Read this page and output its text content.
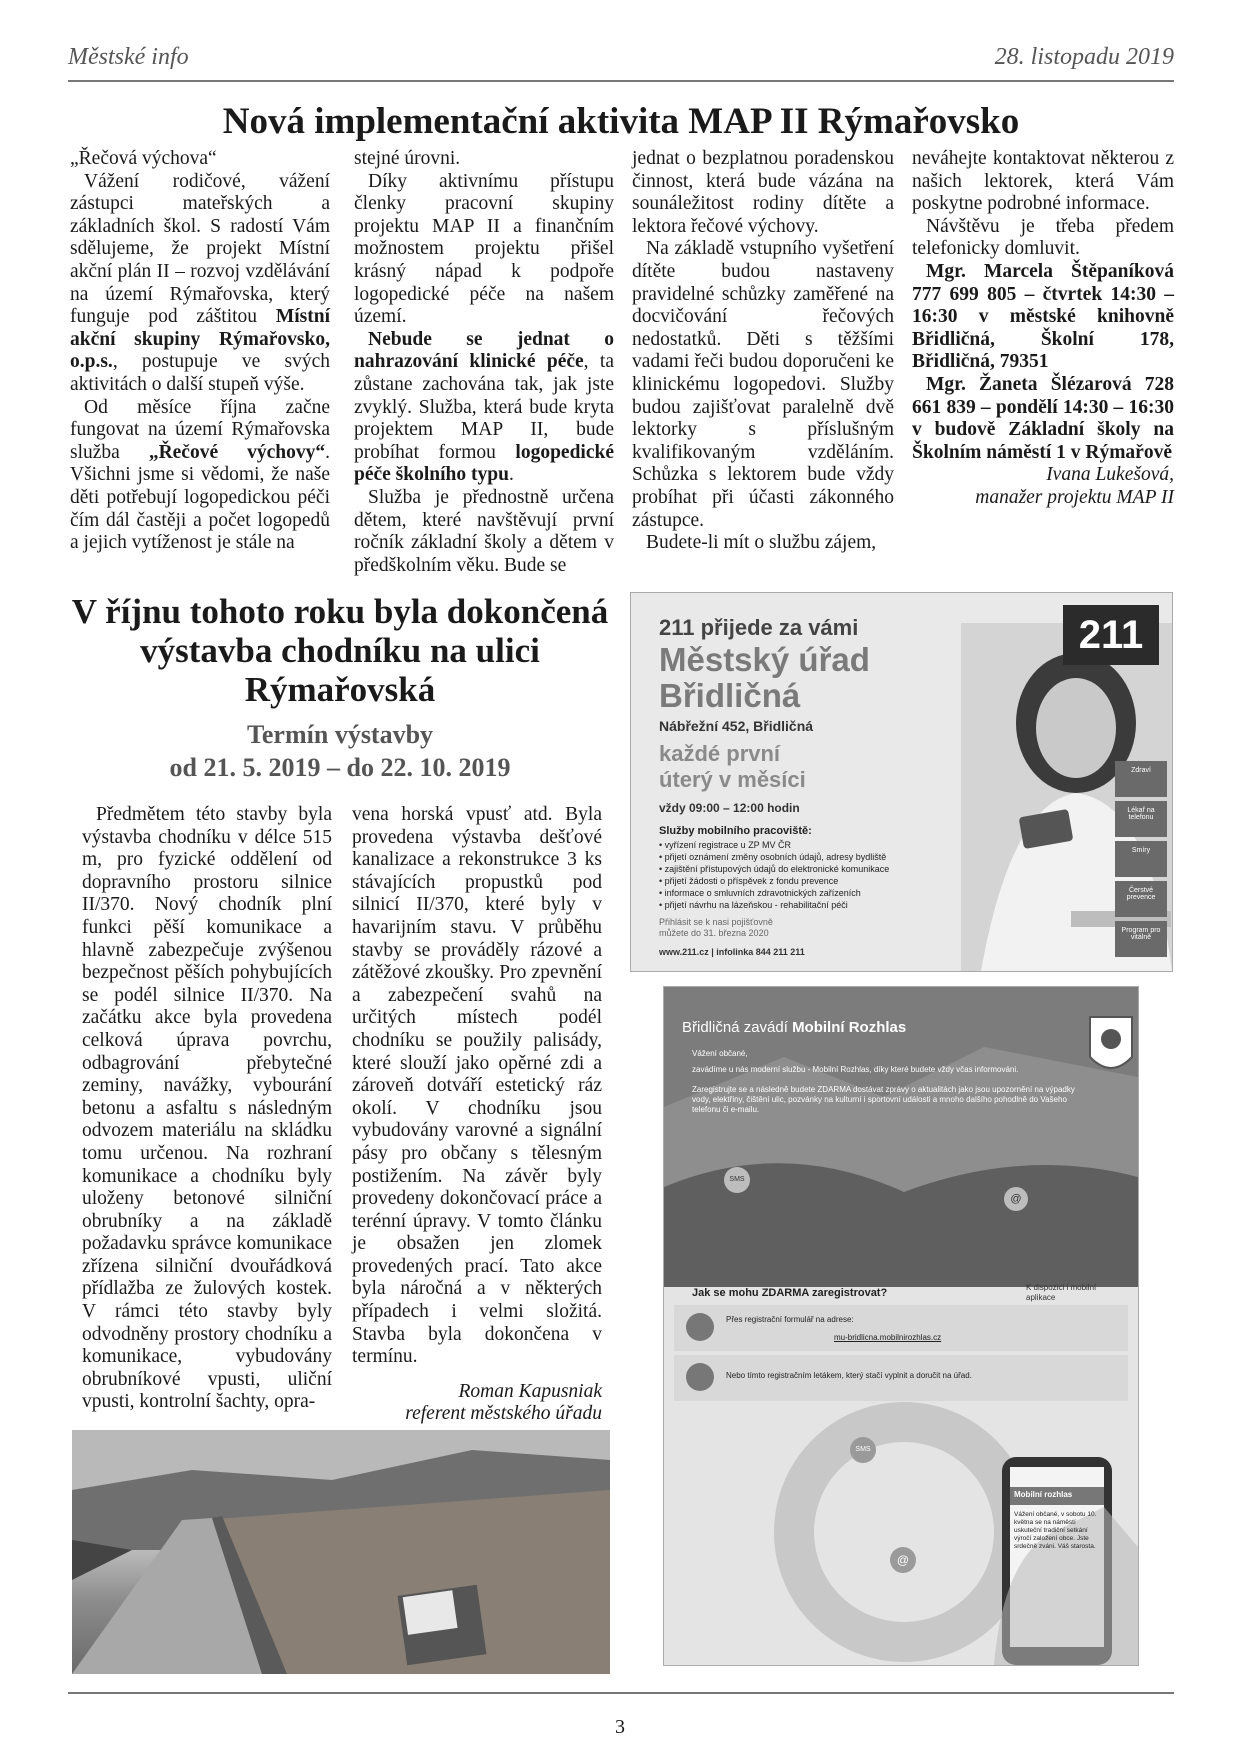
Městské info	28. listopadu 2019
Nová implementační aktivita MAP II Rýmařovsko

„Řečová výchova“

Vážení rodičové, vážení zástupci mateřských a základních škol. S radostí Vám sdělujeme, že projekt Místní akční plán II – rozvoj vzdělávání na území Rýmařovska, který funguje pod záštitou Místní akční skupiny Rýmařovsko, o.p.s., postupuje ve svých aktivitách o další stupeň výše.

Od měsíce října začne fungovat na území Rýmařovska služba „Řečové výchovy“. Všichni jsme si vědomi, že naše děti potřebují logopedickou péči čím dál častěji a počet logopedů a jejich vytíženost je stále na

stejné úrovni.

Díky aktivnímu přístupu členky pracovní skupiny projektu MAP II a finančním možnostem projektu přišel krásný nápad k podpoře logopedické péče na našem území.

Nebude se jednat o nahrazování klinické péče, ta zůstane zachována tak, jak jste zvyklý. Služba, která bude kryta projektem MAP II, bude probíhat formou logopedické péče školního typu.

Služba je přednostně určena dětem, které navštěvují první ročník základní školy a dětem v předškolním věku. Bude se

jednat o bezplatnou poradenskou činnost, která bude vázána na sounáležitost rodiny dítěte a lektora řečové výchovy.

Na základě vstupního vyšetření dítěte budou nastaveny pravidelné schůzky zaměřené na docvičování řečových nedostatků. Děti s těžšími vadami řeči budou doporučeni ke klinickému logopedovi. Služby budou zajišťovat paralelně dvě lektorky s příslušným kvalifikovaným vzděláním. Schůzka s lektorem bude vždy probíhat při účasti zákonného zástupce.

Budete-li mít o službu zájem,

neváhejte kontaktovat některou z našich lektorek, která Vám poskytne podrobné informace.

Návštěvu je třeba předem telefonicky domluvit.

Mgr. Marcela Štěpaníková 777 699 805 – čtvrtek 14:30 – 16:30 v městské knihovně Břidličná, Školní 178, Břidličná, 79351

Mgr. Žaneta Šlézarová 728 661 839 – pondělí 14:30 – 16:30 v budově Základní školy na Školním náměstí 1 v Rýmařově

Ivana Lukešová,

manažer projektu MAP II

V říjnu tohoto roku byla dokončená výstavba chodníku na ulici Rýmařovská
Termín výstavby
od 21. 5. 2019 – do 22. 10. 2019

Předmětem této stavby byla výstavba chodníku v délce 515 m, pro fyzické oddělení od dopravního prostoru silnice II/370. Nový chodník plní funkci pěší komunikace a hlavně zabezpečuje zvýšenou bezpečnost pěších pohybujících se podél silnice II/370. Na začátku akce byla provedena celková úprava povrchu, odbagrování přebytečné zeminy, navážky, vybourání betonu a asfaltu s následným odvozem materiálu na skládku tomu určenou. Na rozhraní komunikace a chodníku byly uloženy betonové silniční obrubníky a na základě požadavku správce komunikace zřízena silniční dvouřádková přídlažba ze žulových kostek. V rámci této stavby byly odvodněny prostory chodníku a komunikace, vybudovány obrubníkové vpusti, uliční vpusti, kontrolní šachty, opra-

vena horská vpusť atd. Byla provedena výstavba dešťové kanalizace a rekonstrukce 3 ks stávajících propustků pod silnicí II/370, které byly v havarijním stavu. V průběhu stavby se prováděly rázové a zátěžové zkoušky. Pro zpevnění a zabezpečení svahů na určitých místech podél chodníku se použily palisády, které slouží jako opěrné zdi a zároveň dotváří estetický ráz okolí. V chodníku jsou vybudovány varovné a signální pásy pro občany s tělesným postižením. Na závěr byly provedeny dokončovací práce a terénní úpravy. V tomto článku je obsažen jen zlomek provedených prací. Tato akce byla náročná a v některých případech i velmi složitá. Stavba byla dokončena v termínu.

Roman Kapusniak

referent městského úřadu

211
211 přijede za vámi
Městský úřad
Břidličná
Nábřežní 452, Břidličná
každé první
úterý v měsíci
vždy 09:00 – 12:00 hodin
Služby mobilního pracoviště:
• vyřízení registrace u ZP MV ČR
• přijetí oznámení změny osobních údajů, adresy bydliště
• zajištění přístupových údajů do elektronické komunikace
• přijetí žádosti o příspěvek z fondu prevence
• informace o smluvních zdravotnických zařízeních
• přijetí návrhu na lázeňskou - rehabilitační péči
Přihlásit se k nasi pojišťovně
můžete do 31. března 2020
www.211.cz | infolinka 844 211 211
Zdraví
Lékař na telefonu
Smíry
Čerstvé prevence
Program pro vitálně
Břidličná zavádí Mobilní Rozhlas
Vážení občané,
zavádíme u nás moderní službu - Mobilní Rozhlas, díky které budete vždy včas informováni.
Zaregistrujte se a následně budete ZDARMA dostávat zprávy o aktualitách jako jsou upozornění na výpadky vody, elektřiny, čištění ulic, pozvánky na kulturní i sportovní události a mnoho dalšího pohodlně do Vašeho telefonu či e-mailu.
SMS
@
Jak se mohu ZDARMA zaregistrovat?	K dispozici i mobilní aplikace
Přes registrační formulář na adrese:
mu-bridlicna.mobilnirozhlas.cz
Nebo tímto registračním letákem, který stačí vyplnit a doručit na úřad.
SMS
@
Mobilní rozhlas
Vážení občané, v sobotu 10. května se na náměstí uskuteční tradiční setkání výročí založení obce. Jste srdečně zváni. Váš starosta.
3
